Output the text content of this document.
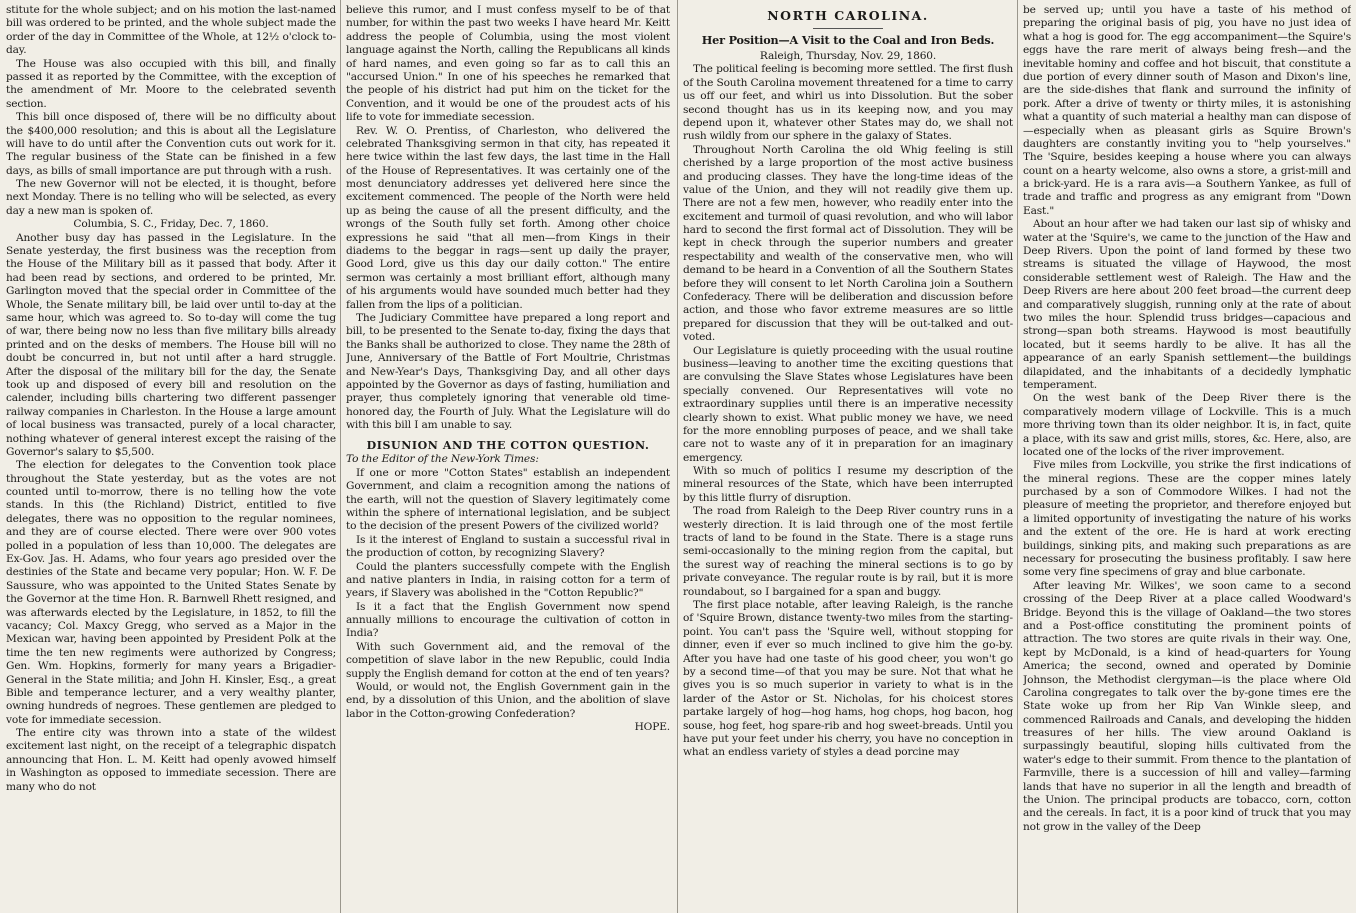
stitute for the whole subject; and on his motion the last-named bill was ordered to be printed, and the whole subject made the order of the day in Committee of the Whole, at 12½ o'clock to-day.

The House was also occupied with this bill, and finally passed it as reported by the Committee, with the exception of the amendment of Mr. Moore to the celebrated seventh section.

This bill once disposed of, there will be no difficulty about the $400,000 resolution; and this is about all the Legislature will have to do until after the Convention cuts out work for it. The regular business of the State can be finished in a few days, as bills of small importance are put through with a rush.

The new Governor will not be elected, it is thought, before next Monday. There is no telling who will be selected, as every day a new man is spoken of.

Columbia, S. C., Friday, Dec. 7, 1860.

Another busy day has passed in the Legislature. In the Senate yesterday, the first business was the reception from the House of the Military bill as it passed that body. After it had been read by sections, and ordered to be printed, Mr. Garlington moved that the special order in Committee of the Whole, the Senate military bill, be laid over until to-day at the same hour, which was agreed to. So to-day will come the tug of war, there being now no less than five military bills already printed and on the desks of members. The House bill will no doubt be concurred in, but not until after a hard struggle. After the disposal of the military bill for the day, the Senate took up and disposed of every bill and resolution on the calender, including bills chartering two different passenger railway companies in Charleston. In the House a large amount of local business was transacted, purely of a local character, nothing whatever of general interest except the raising of the Governor's salary to $5,500.

The election for delegates to the Convention took place throughout the State yesterday, but as the votes are not counted until to-morrow, there is no telling how the vote stands. In this (the Richland) District, entitled to five delegates, there was no opposition to the regular nominees, and they are of course elected. There were over 900 votes polled in a population of less than 10,000. The delegates are Ex-Gov. Jas. H. Adams, who four years ago presided over the destinies of the State and became very popular; Hon. W. F. De Saussure, who was appointed to the United States Senate by the Governor at the time Hon. R. Barnwell Rhett resigned, and was afterwards elected by the Legislature, in 1852, to fill the vacancy; Col. Maxcy Gregg, who served as a Major in the Mexican war, having been appointed by President Polk at the time the ten new regiments were authorized by Congress; Gen. Wm. Hopkins, formerly for many years a Brigadier-General in the State militia; and John H. Kinsler, Esq., a great Bible and temperance lecturer, and a very wealthy planter, owning hundreds of negroes. These gentlemen are pledged to vote for immediate secession.

The entire city was thrown into a state of the wildest excitement last night, on the receipt of a telegraphic dispatch announcing that Hon. L. M. Keitt had openly avowed himself in Washington as opposed to immediate secession. There are many who do not

believe this rumor, and I must confess myself to be of that number, for within the past two weeks I have heard Mr. Keitt address the people of Columbia, using the most violent language against the North, calling the Republicans all kinds of hard names, and even going so far as to call this an "accursed Union." In one of his speeches he remarked that the people of his district had put him on the ticket for the Convention, and it would be one of the proudest acts of his life to vote for immediate secession.

Rev. W. O. Prentiss, of Charleston, who delivered the celebrated Thanksgiving sermon in that city, has repeated it here twice within the last few days, the last time in the Hall of the House of Representatives. It was certainly one of the most denunciatory addresses yet delivered here since the excitement commenced. The people of the North were held up as being the cause of all the present difficulty, and the wrongs of the South fully set forth. Among other choice expressions he said "that all men—from Kings in their diadems to the beggar in rags—sent up daily the prayer, Good Lord, give us this day our daily cotton." The entire sermon was certainly a most brilliant effort, although many of his arguments would have sounded much better had they fallen from the lips of a politician.

The Judiciary Committee have prepared a long report and bill, to be presented to the Senate to-day, fixing the days that the Banks shall be authorized to close. They name the 28th of June, Anniversary of the Battle of Fort Moultrie, Christmas and New-Year's Days, Thanksgiving Day, and all other days appointed by the Governor as days of fasting, humiliation and prayer, thus completely ignoring that venerable old time-honored day, the Fourth of July. What the Legislature will do with this bill I am unable to say.

DISUNION AND THE COTTON QUESTION.

To the Editor of the New-York Times:

If one or more "Cotton States" establish an independent Government, and claim a recognition among the nations of the earth, will not the question of Slavery legitimately come within the sphere of international legislation, and be subject to the decision of the present Powers of the civilized world?

Is it the interest of England to sustain a successful rival in the production of cotton, by recognizing Slavery?

Could the planters successfully compete with the English and native planters in India, in raising cotton for a term of years, if Slavery was abolished in the "Cotton Republic?"

Is it a fact that the English Government now spend annually millions to encourage the cultivation of cotton in India?

With such Government aid, and the removal of the competition of slave labor in the new Republic, could India supply the English demand for cotton at the end of ten years?

Would, or would not, the English Government gain in the end, by a dissolution of this Union, and the abolition of slave labor in the Cotton-growing Confederation?

HOPE.

NORTH CAROLINA.
Her Position—A Visit to the Coal and Iron Beds.

Raleigh, Thursday, Nov. 29, 1860.

The political feeling is becoming more settled. The first flush of the South Carolina movement threatened for a time to carry us off our feet, and whirl us into Dissolution. But the sober second thought has us in its keeping now, and you may depend upon it, whatever other States may do, we shall not rush wildly from our sphere in the galaxy of States.

Throughout North Carolina the old Whig feeling is still cherished by a large proportion of the most active business and producing classes. They have the long-time ideas of the value of the Union, and they will not readily give them up. There are not a few men, however, who readily enter into the excitement and turmoil of quasi revolution, and who will labor hard to second the first formal act of Dissolution. They will be kept in check through the superior numbers and greater respectability and wealth of the conservative men, who will demand to be heard in a Convention of all the Southern States before they will consent to let North Carolina join a Southern Confederacy. There will be deliberation and discussion before action, and those who favor extreme measures are so little prepared for discussion that they will be out-talked and out-voted.

Our Legislature is quietly proceeding with the usual routine business—leaving to another time the exciting questions that are convulsing the Slave States whose Legislatures have been specially convened. Our Representatives will vote no extraordinary supplies until there is an imperative necessity clearly shown to exist. What public money we have, we need for the more ennobling purposes of peace, and we shall take care not to waste any of it in preparation for an imaginary emergency.

With so much of politics I resume my description of the mineral resources of the State, which have been interrupted by this little flurry of disruption.

The road from Raleigh to the Deep River country runs in a westerly direction. It is laid through one of the most fertile tracts of land to be found in the State. There is a stage runs semi-occasionally to the mining region from the capital, but the surest way of reaching the mineral sections is to go by private conveyance. The regular route is by rail, but it is more roundabout, so I bargained for a span and buggy.

The first place notable, after leaving Raleigh, is the ranche of 'Squire Brown, distance twenty-two miles from the starting-point. You can't pass the 'Squire well, without stopping for dinner, even if ever so much inclined to give him the go-by. After you have had one taste of his good cheer, you won't go by a second time—of that you may be sure. Not that what he gives you is so much superior in variety to what is in the larder of the Astor or St. Nicholas, for his choicest stores partake largely of hog—hog hams, hog chops, hog bacon, hog souse, hog feet, hog spare-rib and hog sweet-breads. Until you have put your feet under his cherry, you have no conception in what an endless variety of styles a dead porcine may

be served up; until you have a taste of his method of preparing the original basis of pig, you have no just idea of what a hog is good for. The egg accompaniment—the Squire's eggs have the rare merit of always being fresh—and the inevitable hominy and coffee and hot biscuit, that constitute a due portion of every dinner south of Mason and Dixon's line, are the side-dishes that flank and surround the infinity of pork. After a drive of twenty or thirty miles, it is astonishing what a quantity of such material a healthy man can dispose of—especially when as pleasant girls as Squire Brown's daughters are constantly inviting you to "help yourselves." The 'Squire, besides keeping a house where you can always count on a hearty welcome, also owns a store, a grist-mill and a brick-yard. He is a rara avis—a Southern Yankee, as full of trade and traffic and progress as any emigrant from "Down East."

About an hour after we had taken our last sip of whisky and water at the 'Squire's, we came to the junction of the Haw and Deep Rivers. Upon the point of land formed by these two streams is situated the village of Haywood, the most considerable settlement west of Raleigh. The Haw and the Deep Rivers are here about 200 feet broad—the current deep and comparatively sluggish, running only at the rate of about two miles the hour. Splendid truss bridges—capacious and strong—span both streams. Haywood is most beautifully located, but it seems hardly to be alive. It has all the appearance of an early Spanish settlement—the buildings dilapidated, and the inhabitants of a decidedly lymphatic temperament.

On the west bank of the Deep River there is the comparatively modern village of Lockville. This is a much more thriving town than its older neighbor. It is, in fact, quite a place, with its saw and grist mills, stores, &c. Here, also, are located one of the locks of the river improvement.

Five miles from Lockville, you strike the first indications of the mineral regions. These are the copper mines lately purchased by a son of Commodore Wilkes. I had not the pleasure of meeting the proprietor, and therefore enjoyed but a limited opportunity of investigating the nature of his works and the extent of the ore. He is hard at work erecting buildings, sinking pits, and making such preparations as are necessary for prosecuting the business profitably. I saw here some very fine specimens of gray and blue carbonate.

After leaving Mr. Wilkes', we soon came to a second crossing of the Deep River at a place called Woodward's Bridge. Beyond this is the village of Oakland—the two stores and a Post-office constituting the prominent points of attraction. The two stores are quite rivals in their way. One, kept by McDonald, is a kind of head-quarters for Young America; the second, owned and operated by Dominie Johnson, the Methodist clergyman—is the place where Old Carolina congregates to talk over the by-gone times ere the State woke up from her Rip Van Winkle sleep, and commenced Railroads and Canals, and developing the hidden treasures of her hills. The view around Oakland is surpassingly beautiful, sloping hills cultivated from the water's edge to their summit. From thence to the plantation of Farmville, there is a succession of hill and valley—farming lands that have no superior in all the length and breadth of the Union. The principal products are tobacco, corn, cotton and the cereals. In fact, it is a poor kind of truck that you may not grow in the valley of the Deep
